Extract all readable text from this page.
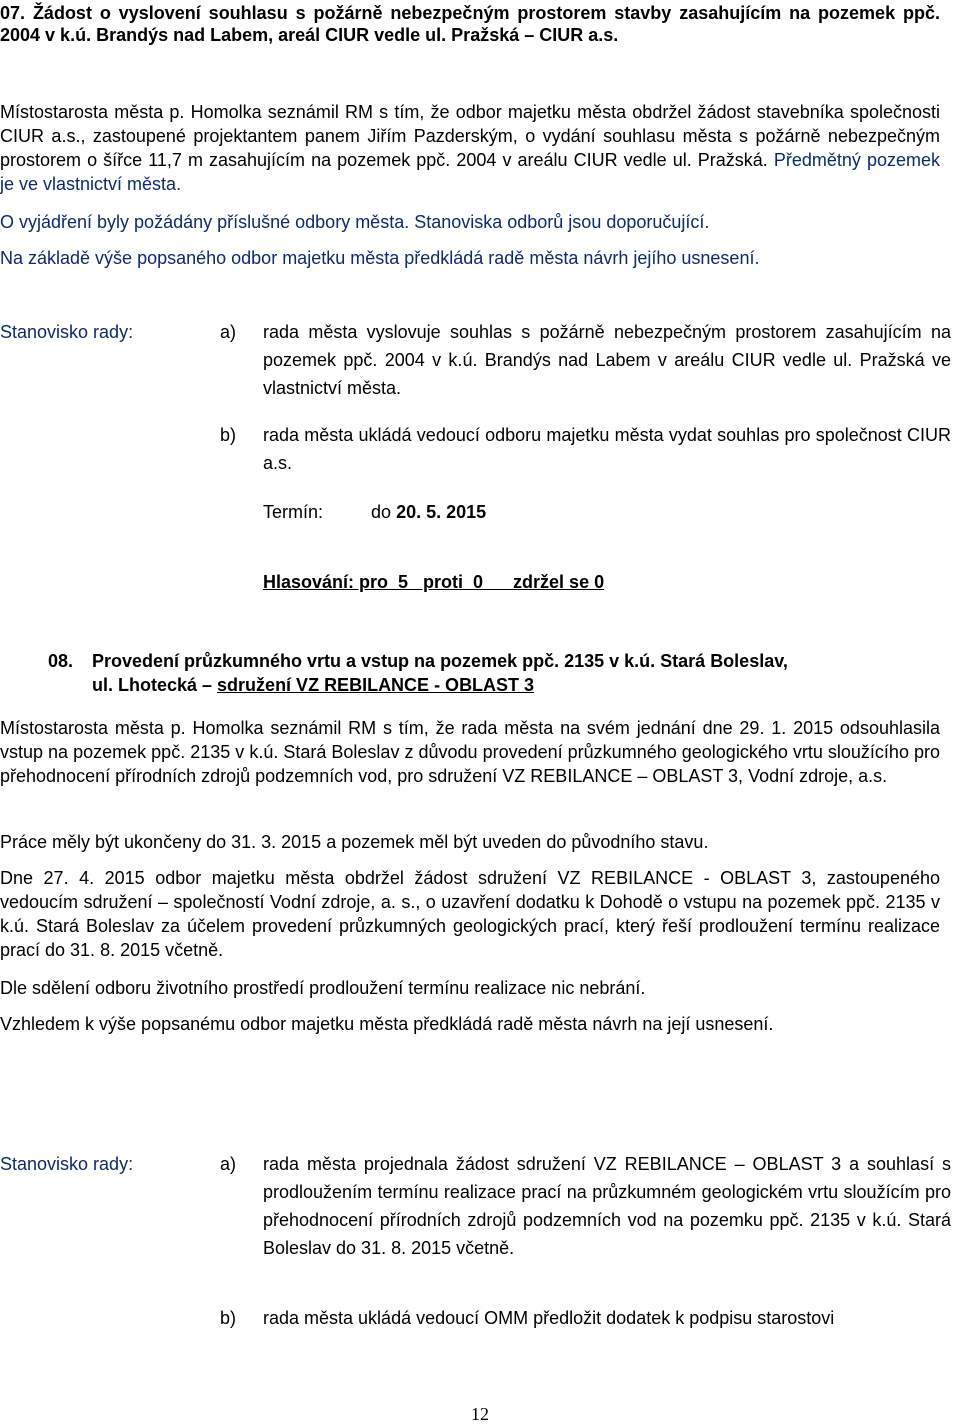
07. Žádost o vyslovení souhlasu s požárně nebezpečným prostorem stavby zasahujícím na pozemek ppč. 2004 v k.ú. Brandýs nad Labem, areál CIUR vedle ul. Pražská – CIUR a.s.
Místostarosta města p. Homolka seznámil RM s tím, že odbor majetku města obdržel žádost stavebníka společnosti CIUR a.s., zastoupené projektantem panem Jiřím Pazderským, o vydání souhlasu města s požárně nebezpečným prostorem o šířce 11,7 m zasahujícím na pozemek ppč. 2004 v areálu CIUR vedle ul. Pražská. Předmětný pozemek je ve vlastnictví města.
O vyjádření byly požádány příslušné odbory města. Stanoviska odborů jsou doporučující.
Na základě výše popsaného odbor majetku města předkládá radě města návrh jejího usnesení.
Stanovisko rady:	a) rada města vyslovuje souhlas s požárně nebezpečným prostorem zasahujícím na pozemek ppč. 2004 v k.ú. Brandýs nad Labem v areálu CIUR vedle ul. Pražská ve vlastnictví města.
b) rada města ukládá vedoucí odboru majetku města vydat souhlas pro společnost CIUR a.s.
Termín:	do 20. 5. 2015
Hlasování: pro  5   proti  0      zdržel se 0
08. Provedení průzkumného vrtu a vstup na pozemek ppč. 2135 v k.ú. Stará Boleslav,
ul. Lhotecká – sdružení VZ REBILANCE - OBLAST 3
Místostarosta města p. Homolka seznámil RM s tím, že rada města na svém jednání dne 29. 1. 2015 odsouhlasila vstup na pozemek ppč. 2135 v k.ú. Stará Boleslav z důvodu provedení průzkumného geologického vrtu sloužícího pro přehodnocení přírodních zdrojů podzemních vod, pro sdružení VZ REBILANCE – OBLAST 3, Vodní zdroje, a.s.
Práce měly být ukončeny do 31. 3. 2015 a pozemek měl být uveden do původního stavu.
Dne 27. 4. 2015 odbor majetku města obdržel žádost sdružení VZ REBILANCE - OBLAST 3, zastoupeného vedoucím sdružení – společností Vodní zdroje, a. s., o uzavření dodatku k Dohodě o vstupu na pozemek ppč. 2135 v k.ú. Stará Boleslav za účelem provedení průzkumných geologických prací, který řeší prodloužení termínu realizace prací do 31. 8. 2015 včetně.
Dle sdělení odboru životního prostředí prodloužení termínu realizace nic nebrání.
Vzhledem k výše popsanému odbor majetku města předkládá radě města návrh na její usnesení.
Stanovisko rady:	a) rada města projednala žádost sdružení VZ REBILANCE – OBLAST 3 a souhlasí s prodloužením termínu realizace prací na průzkumném geologickém vrtu sloužícím pro přehodnocení přírodních zdrojů podzemních vod na pozemku ppč. 2135 v k.ú. Stará Boleslav do 31. 8. 2015 včetně.
b) rada města ukládá vedoucí OMM předložit dodatek k podpisu starostovi
12
